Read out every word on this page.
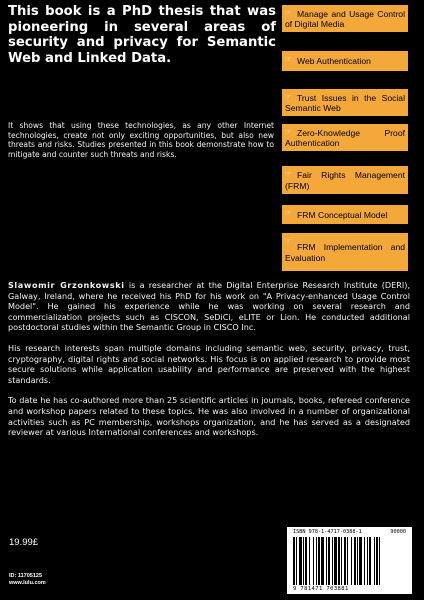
This book is a PhD thesis that was pioneering in several areas of security and privacy for Semantic Web and Linked Data.

It shows that using these technologies, as any other Internet technologies, create not only exciting opportunities, but also new threats and risks. Studies presented in this book demonstrate how to mitigate and counter such threats and risks.

☞ Manage and Usage Control of Digital Media
☞ Web Authentication
☞ Trust Issues in the Social Semantic Web
☞ Zero-Knowledge Proof Authentication
☞ Fair Rights Management (FRM)
☞ FRM Conceptual Model
☞
FRM Implementation and Evaluation

Slawomir Grzonkowski is a researcher at the Digital Enterprise Research Institute (DERI), Galway, Ireland, where he received his PhD for his work on "A Privacy-enhanced Usage Control Model". He gained his experience while he was working on several research and commercialization projects such as CISCON, SeDiCi, eLITE or Lion. He conducted additional postdoctoral studies within the Semantic Group in CISCO Inc.

His research interests span multiple domains including semantic web, security, privacy, trust, cryptography, digital rights and social networks. His focus is on applied research to provide most secure solutions while application usability and performance are preserved with the highest standards.

To date he has co-authored more than 25 scientific articles in journals, books, refereed conference and workshop papers related to these topics. He was also involved in a number of organizational activities such as PC membership, workshops organization, and he has served as a designated reviewer at various International conferences and workshops.

19.99£
ID: 11705125
www.lulu.com
ISBN 978-1-4717-0388-1	90000
9 781471 703881
